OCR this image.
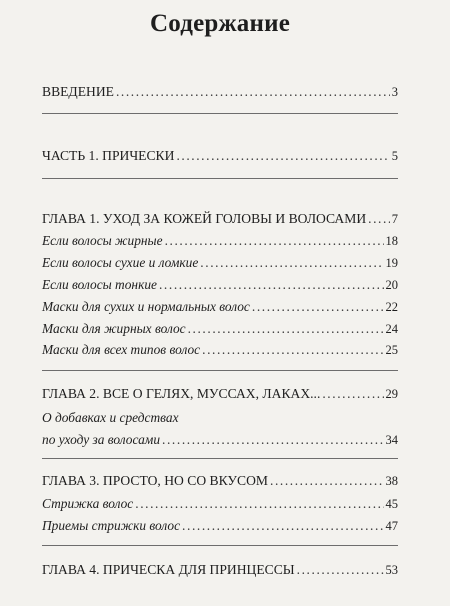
Содержание
ВВЕДЕНИЕ .....	3
ЧАСТЬ 1. ПРИЧЕСКИ .....	5
ГЛАВА 1. УХОД ЗА КОЖЕЙ ГОЛОВЫ И ВОЛОСАМИ ..... 7
Если волосы жирные .....	18
Если волосы сухие и ломкие .....	19
Если волосы тонкие .....	20
Маски для сухих и нормальных волос .....	22
Маски для жирных волос .....	24
Маски для всех типов волос .....	25
ГЛАВА 2. ВСЕ О ГЕЛЯХ, МУССАХ, ЛАКАХ... .....	29
О добавках и средствах
по уходу за волосами .....	34
ГЛАВА 3. ПРОСТО, НО СО ВКУСОМ .....	38
Стрижка волос .....	45
Приемы стрижки волос .....	47
ГЛАВА 4. ПРИЧЕСКА ДЛЯ ПРИНЦЕССЫ .....	53
